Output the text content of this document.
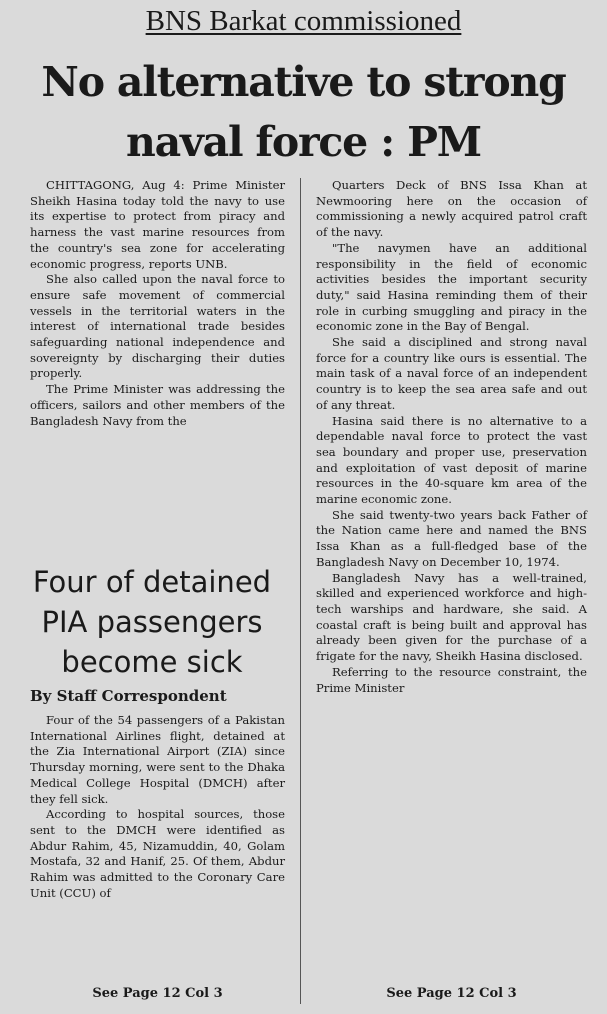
BNS Barkat commissioned
No alternative to strong
naval force : PM

CHITTAGONG, Aug 4: Prime Minister Sheikh Hasina today told the navy to use its expertise to protect from piracy and harness the vast marine resources from the country's sea zone for accelerating economic progress, reports UNB.

She also called upon the naval force to ensure safe movement of commercial vessels in the territorial waters in the interest of international trade besides safeguarding national independence and sovereignty by discharging their duties properly.

The Prime Minister was addressing the officers, sailors and other members of the Bangladesh Navy from the

Quarters Deck of BNS Issa Khan at Newmooring here on the occasion of commissioning a newly acquired patrol craft of the navy.

"The navymen have an additional responsibility in the field of economic activities besides the important security duty," said Hasina reminding them of their role in curbing smuggling and piracy in the economic zone in the Bay of Bengal.

She said a disciplined and strong naval force for a country like ours is essential. The main task of a naval force of an independent country is to keep the sea area safe and out of any threat.

Hasina said there is no alternative to a dependable naval force to protect the vast sea boundary and proper use, preservation and exploitation of vast deposit of marine resources in the 40-square km area of the marine economic zone.

She said twenty-two years back Father of the Nation came here and named the BNS Issa Khan as a full-fledged base of the Bangladesh Navy on December 10, 1974.

Bangladesh Navy has a well-trained, skilled and experienced workforce and high-tech warships and hardware, she said. A coastal craft is being built and approval has already been given for the purchase of a frigate for the navy, Sheikh Hasina disclosed.

Referring to the resource constraint, the Prime Minister

Four of detained
PIA passengers
become sick
By Staff Correspondent

Four of the 54 passengers of a Pakistan International Airlines flight, detained at the Zia International Airport (ZIA) since Thursday morning, were sent to the Dhaka Medical College Hospital (DMCH) after they fell sick.

According to hospital sources, those sent to the DMCH were identified as Abdur Rahim, 45, Nizamuddin, 40, Golam Mostafa, 32 and Hanif, 25. Of them, Abdur Rahim was admitted to the Coronary Care Unit (CCU) of

See Page 12 Col 3	See Page 12 Col 3
